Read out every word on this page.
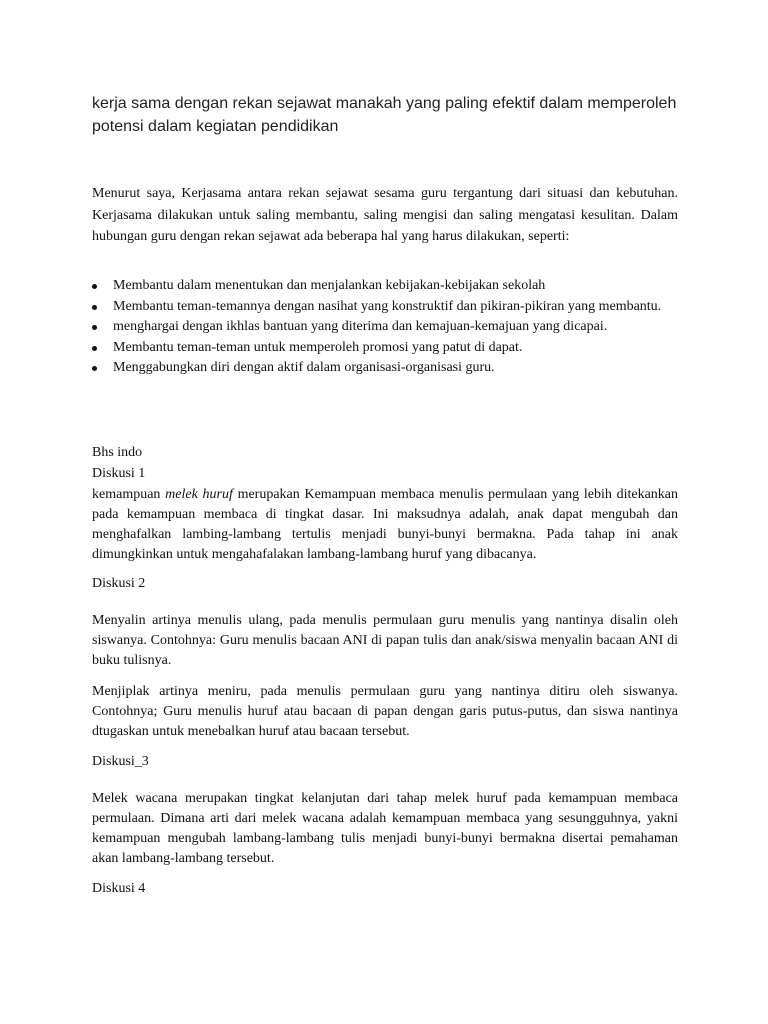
kerja sama dengan rekan sejawat manakah yang paling efektif dalam memperoleh potensi dalam kegiatan pendidikan

Menurut saya, Kerjasama antara rekan sejawat sesama guru tergantung dari situasi dan kebutuhan. Kerjasama dilakukan untuk saling membantu, saling mengisi dan saling mengatasi kesulitan. Dalam hubungan guru dengan rekan sejawat ada beberapa hal yang harus dilakukan, seperti:

Membantu dalam menentukan dan menjalankan kebijakan-kebijakan sekolah
Membantu teman-temannya dengan nasihat yang konstruktif dan pikiran-pikiran yang membantu.
menghargai dengan ikhlas bantuan yang diterima dan kemajuan-kemajuan yang dicapai.
Membantu teman-teman untuk memperoleh promosi yang patut di dapat.
Menggabungkan diri dengan aktif dalam organisasi-organisasi guru.

Bhs indo

Diskusi 1

kemampuan melek huruf merupakan Kemampuan membaca menulis permulaan yang lebih ditekankan pada kemampuan membaca di tingkat dasar. Ini maksudnya adalah, anak dapat mengubah dan menghafalkan lambing-lambang tertulis menjadi bunyi-bunyi bermakna. Pada tahap ini anak dimungkinkan untuk mengahafalakan lambang-lambang huruf yang dibacanya.

Diskusi 2

Menyalin artinya menulis ulang, pada menulis permulaan guru menulis yang nantinya disalin oleh siswanya. Contohnya: Guru menulis bacaan ANI di papan tulis dan anak/siswa menyalin bacaan ANI di buku tulisnya.

Menjiplak artinya meniru, pada menulis permulaan guru yang nantinya ditiru oleh siswanya. Contohnya; Guru menulis huruf atau bacaan di papan dengan garis putus-putus, dan siswa nantinya dtugaskan untuk menebalkan huruf atau bacaan tersebut.

Diskusi_3

Melek wacana merupakan tingkat kelanjutan dari tahap melek huruf pada kemampuan membaca permulaan. Dimana arti dari melek wacana adalah kemampuan membaca yang sesungguhnya, yakni kemampuan mengubah lambang-lambang tulis menjadi bunyi-bunyi bermakna disertai pemahaman akan lambang-lambang tersebut.

Diskusi 4
